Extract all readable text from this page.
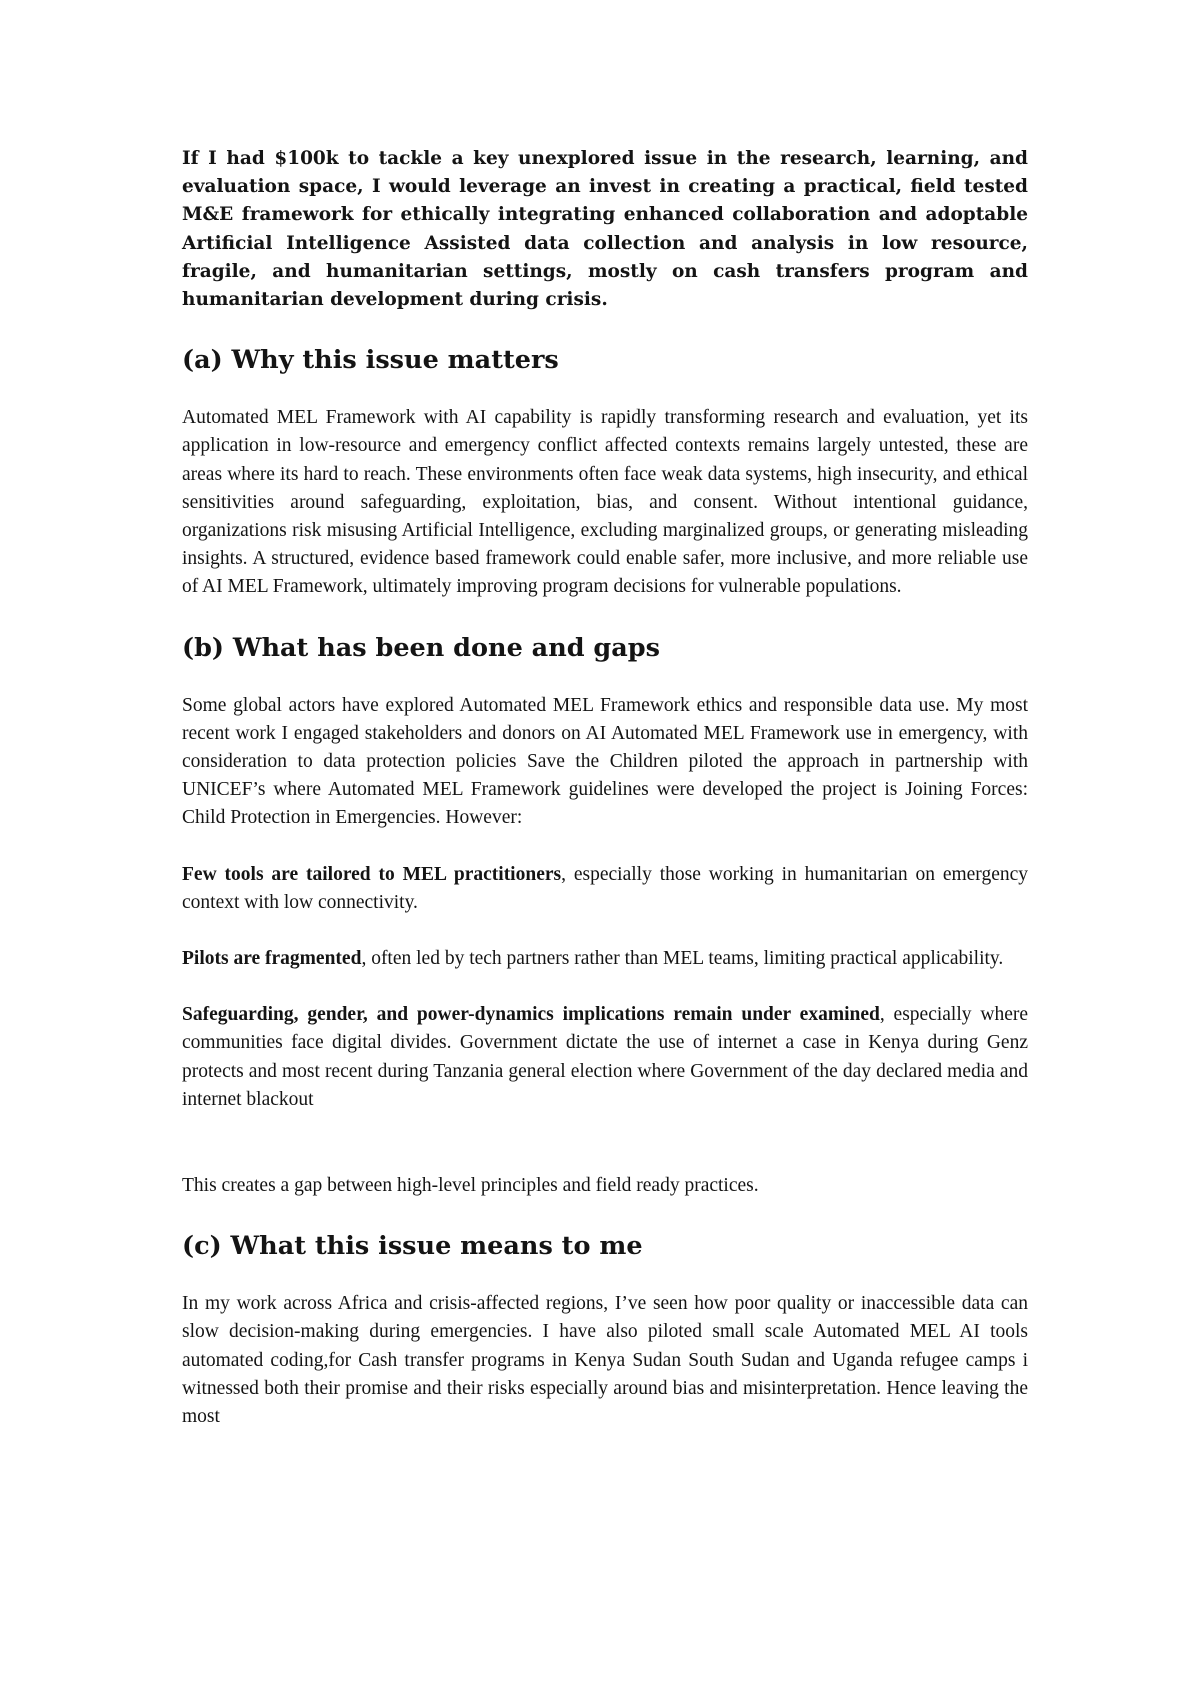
If I had $100k to tackle a key unexplored issue in the research, learning, and evaluation space, I would leverage an invest in creating a practical, field tested M&E framework for ethically integrating enhanced collaboration and adoptable Artificial Intelligence Assisted data collection and analysis in low resource, fragile, and humanitarian settings, mostly on cash transfers program and humanitarian development during crisis.

(a) Why this issue matters

Automated MEL Framework with AI capability is rapidly transforming research and evaluation, yet its application in low-resource and emergency conflict affected contexts remains largely untested, these are areas where its hard to reach. These environments often face weak data systems, high insecurity, and ethical sensitivities around safeguarding, exploitation, bias, and consent. Without intentional guidance, organizations risk misusing Artificial Intelligence, excluding marginalized groups, or generating misleading insights. A structured, evidence based framework could enable safer, more inclusive, and more reliable use of AI MEL Framework, ultimately improving program decisions for vulnerable populations.

(b) What has been done and gaps

Some global actors have explored Automated MEL Framework ethics and responsible data use. My most recent work I engaged stakeholders and donors on AI Automated MEL Framework use in emergency, with consideration to data protection policies Save the Children piloted the approach in partnership with UNICEF’s where Automated MEL Framework guidelines were developed the project is Joining Forces: Child Protection in Emergencies. However:

Few tools are tailored to MEL practitioners, especially those working in humanitarian on emergency context with low connectivity.

Pilots are fragmented, often led by tech partners rather than MEL teams, limiting practical applicability.

Safeguarding, gender, and power-dynamics implications remain under examined, especially where communities face digital divides. Government dictate the use of internet a case in Kenya during Genz protects and most recent during Tanzania general election where Government of the day declared media and internet blackout

This creates a gap between high-level principles and field ready practices.

(c) What this issue means to me

In my work across Africa and crisis-affected regions, I’ve seen how poor quality or inaccessible data can slow decision-making during emergencies. I have also piloted small scale Automated MEL AI tools automated coding,for Cash transfer programs in Kenya Sudan South Sudan and Uganda refugee camps i witnessed both their promise and their risks especially around bias and misinterpretation. Hence leaving the most
